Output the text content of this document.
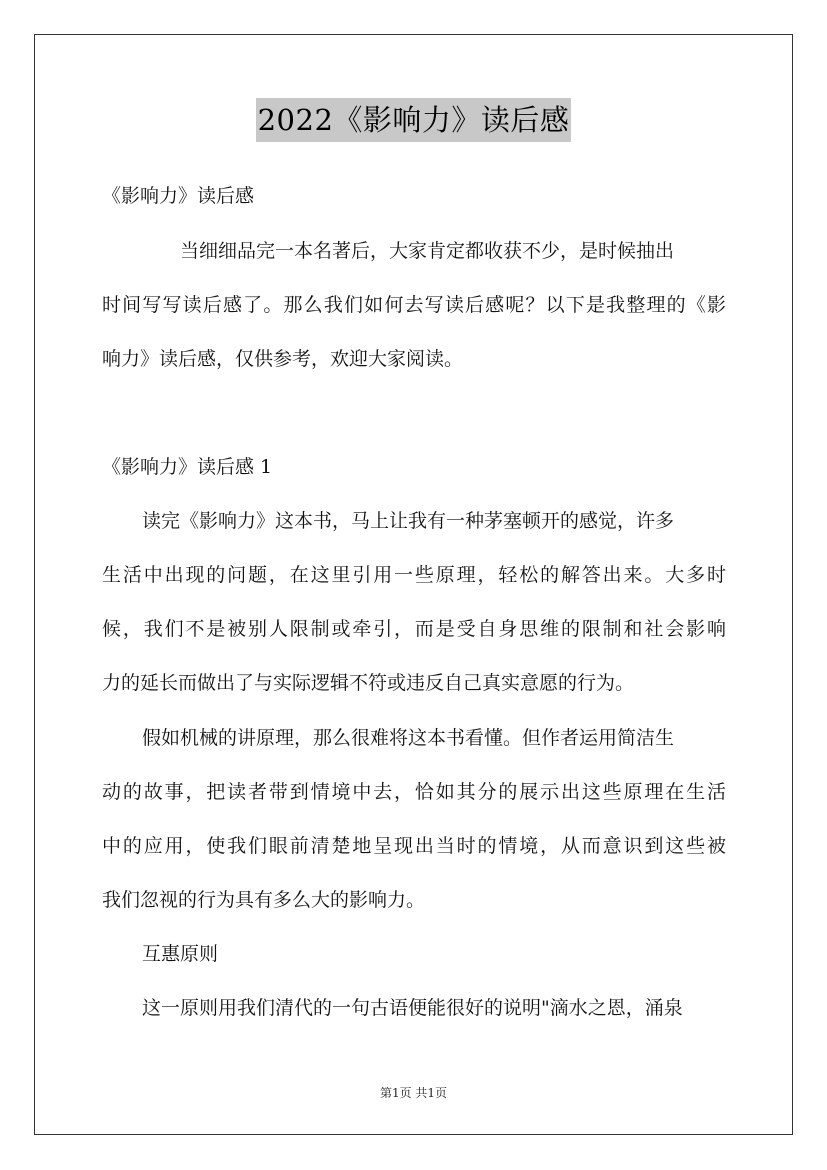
2022《影响力》读后感
《影响力》读后感
当细细品完一本名著后，大家肯定都收获不少，是时候抽出
时间写写读后感了。那么我们如何去写读后感呢？以下是我整理的《影
响力》读后感，仅供参考，欢迎大家阅读。
《影响力》读后感 1
读完《影响力》这本书，马上让我有一种茅塞顿开的感觉，许多
生活中出现的问题，在这里引用一些原理，轻松的解答出来。大多时
候，我们不是被别人限制或牵引，而是受自身思维的限制和社会影响
力的延长而做出了与实际逻辑不符或违反自己真实意愿的行为。
假如机械的讲原理，那么很难将这本书看懂。但作者运用简洁生
动的故事，把读者带到情境中去，恰如其分的展示出这些原理在生活
中的应用，使我们眼前清楚地呈现出当时的情境，从而意识到这些被
我们忽视的行为具有多么大的影响力。
互惠原则
这一原则用我们清代的一句古语便能很好的说明"滴水之恩，涌泉
第1页 共1页
